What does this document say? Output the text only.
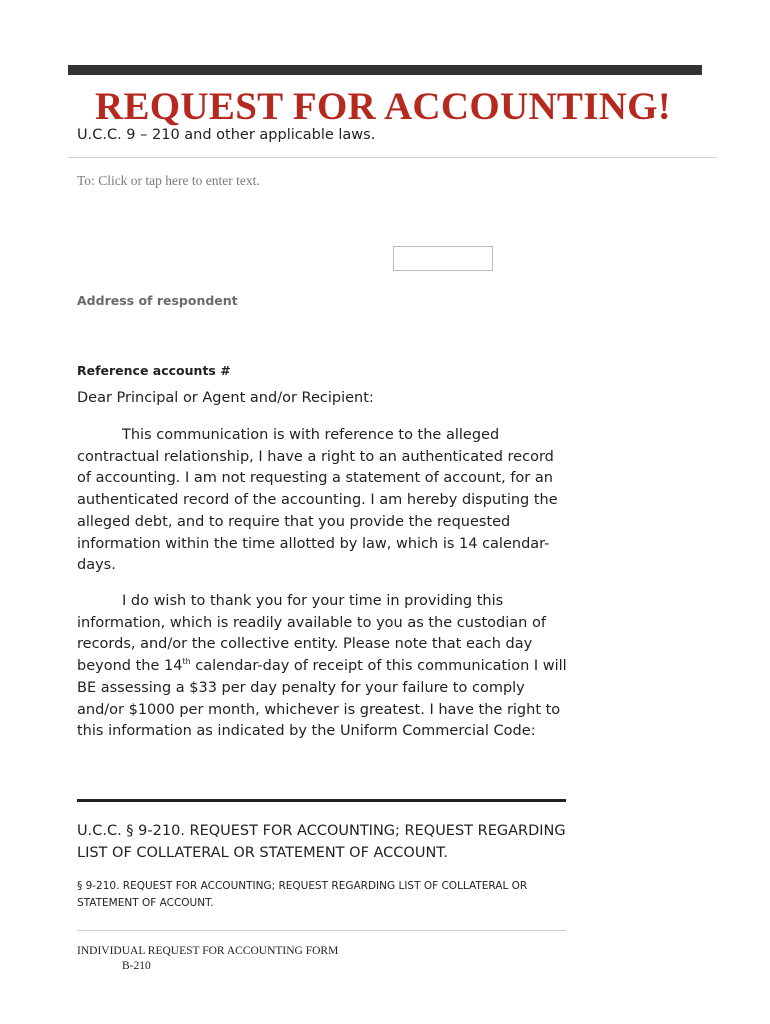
REQUEST FOR ACCOUNTING!
U.C.C. 9 – 210 and other applicable laws.
To: Click or tap here to enter text.
Address of respondent
Reference accounts #
Dear Principal or Agent and/or Recipient:

This communication is with reference to the alleged contractual relationship, I have a right to an authenticated record of accounting. I am not requesting a statement of account, for an authenticated record of the accounting. I am hereby disputing the alleged debt, and to require that you provide the requested information within the time allotted by law, which is 14 calendar-days.

I do wish to thank you for your time in providing this information, which is readily available to you as the custodian of records, and/or the collective entity. Please note that each day beyond the 14th calendar-day of receipt of this communication I will BE assessing a $33 per day penalty for your failure to comply and/or $1000 per month, whichever is greatest. I have the right to this information as indicated by the Uniform Commercial Code:

U.C.C. § 9-210. REQUEST FOR ACCOUNTING; REQUEST REGARDING LIST OF COLLATERAL OR STATEMENT OF ACCOUNT.
§ 9-210. REQUEST FOR ACCOUNTING; REQUEST REGARDING LIST OF COLLATERAL OR STATEMENT OF ACCOUNT.
INDIVIDUAL REQUEST FOR ACCOUNTING FORM
B-210
